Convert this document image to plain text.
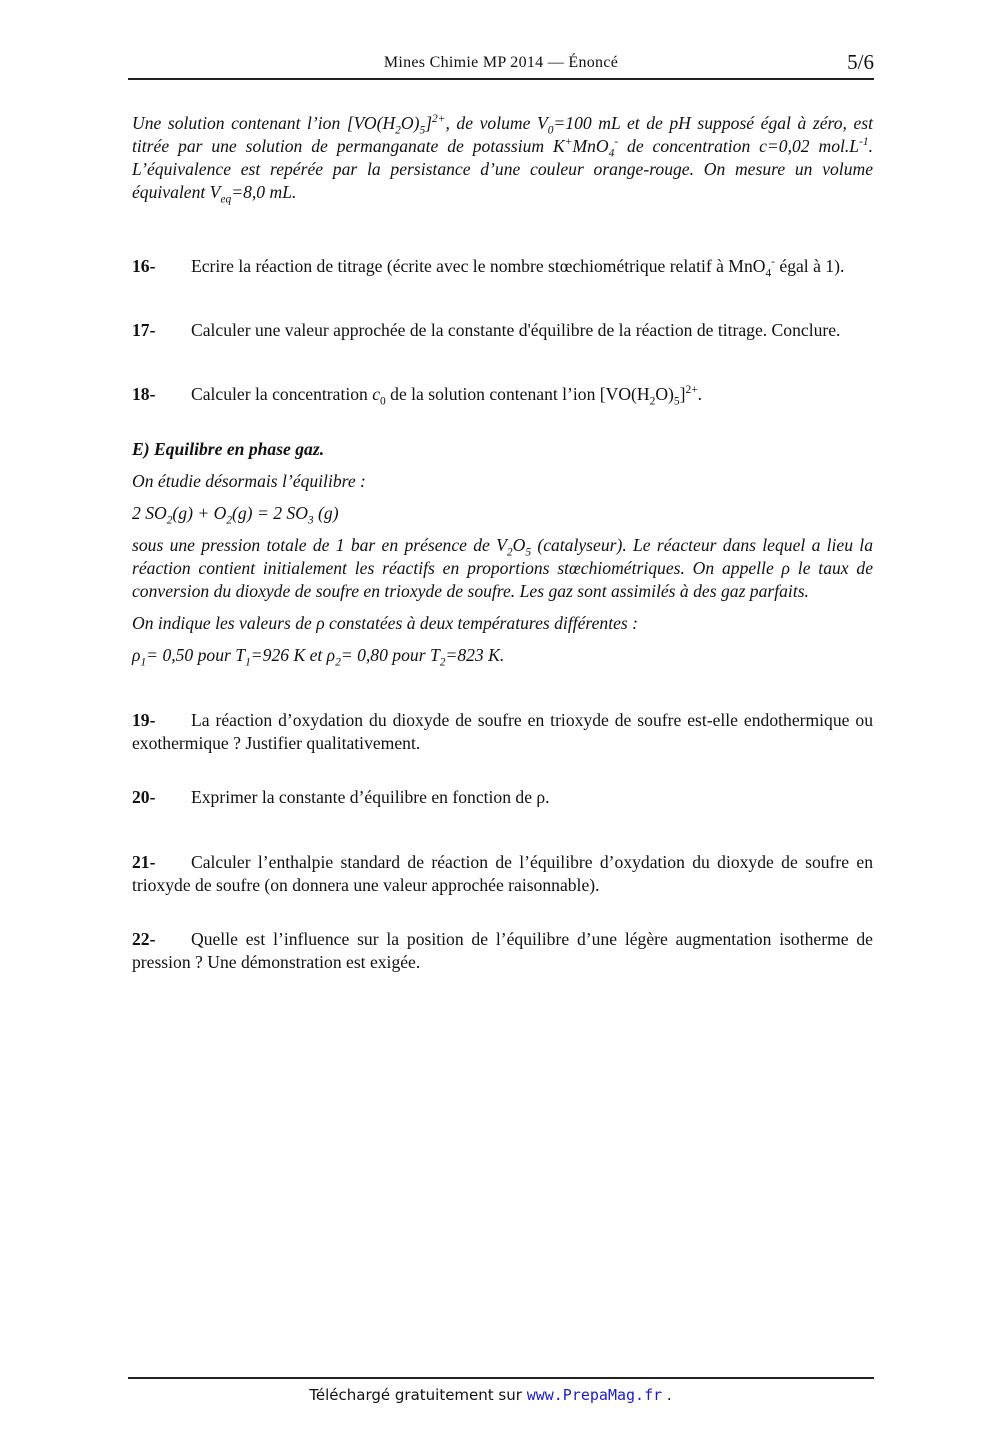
Mines Chimie MP 2014 — Énoncé	5/6

Une solution contenant l’ion $[VO(H_2O)_5]^{2+}$, de volume $V_0=100$ mL et de pH supposé égal à zéro, est titrée par une solution de permanganate de potassium K+MnO$_4$- de concentration c=0,02 $mol.L^{-1}$. L’équivalence est repérée par la persistance d’une couleur orange-rouge. On mesure un volume équivalent $V_{eq}=8,0$ mL.

16- Ecrire la réaction de titrage (écrite avec le nombre stœchiométrique relatif à MnO$_4$- égal à 1).

17- Calculer une valeur approchée de la constante d'équilibre de la réaction de titrage. Conclure.

18- Calculer la concentration $c_0$ de la solution contenant l’ion $[VO(H_2O)_5]^{2+}$.

E) Equilibre en phase gaz.

On étudie désormais l’équilibre :

2 $SO_2(g) + O_2(g) = 2$ $SO_3$ (g)

sous une pression totale de 1 bar en présence de $V_2O_5$ (catalyseur). Le réacteur dans lequel a lieu la réaction contient initialement les réactifs en proportions stœchiométriques. On appelle ρ le taux de conversion du dioxyde de soufre en trioxyde de soufre. Les gaz sont assimilés à des gaz parfaits.

On indique les valeurs de ρ constatées à deux températures différentes :

$\rho_1= 0,50$ pour $T_1=926$ K et $\rho_2= 0,80$ pour $T_2=823$ K.

19- La réaction d’oxydation du dioxyde de soufre en trioxyde de soufre est-elle endothermique ou exothermique ? Justifier qualitativement.

20- Exprimer la constante d’équilibre en fonction de ρ.

21- Calculer l’enthalpie standard de réaction de l’équilibre d’oxydation du dioxyde de soufre en trioxyde de soufre (on donnera une valeur approchée raisonnable).

22- Quelle est l’influence sur la position de l’équilibre d’une légère augmentation isotherme de pression ? Une démonstration est exigée.

Téléchargé gratuitement sur www.PrepaMag.fr .
